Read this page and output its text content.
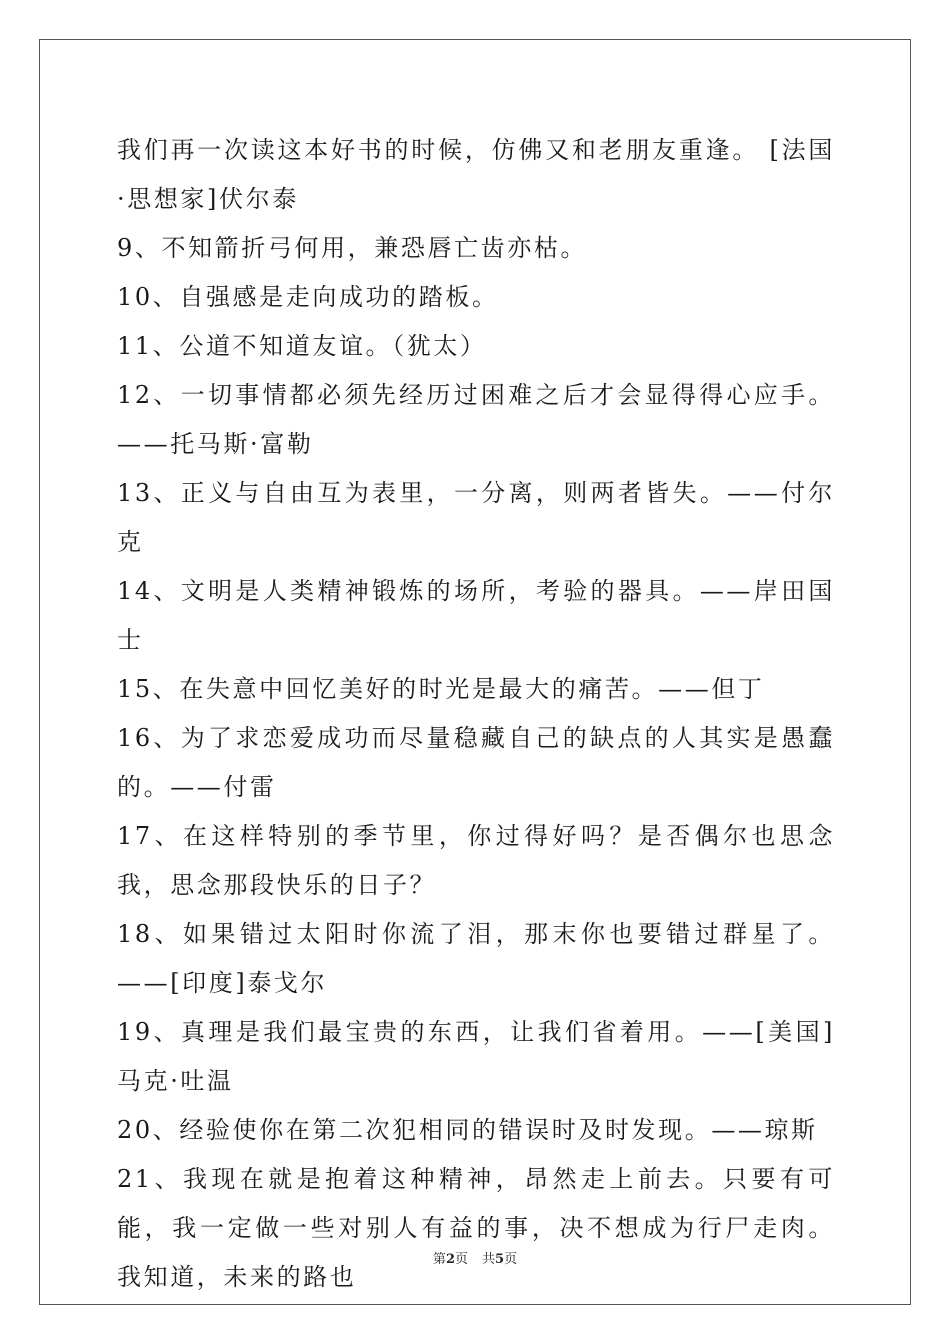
我们再一次读这本好书的时候，仿佛又和老朋友重逢。 [法国·思想家]伏尔泰

9、不知箭折弓何用，兼恐唇亡齿亦枯。

10、自强感是走向成功的踏板。

11、公道不知道友谊。（犹太）

12、一切事情都必须先经历过困难之后才会显得得心应手。——托马斯·富勒

13、正义与自由互为表里，一分离，则两者皆失。——付尔克

14、文明是人类精神锻炼的场所，考验的器具。——岸田国士

15、在失意中回忆美好的时光是最大的痛苦。——但丁

16、为了求恋爱成功而尽量稳藏自己的缺点的人其实是愚蠢的。——付雷

17、在这样特别的季节里，你过得好吗？是否偶尔也思念我，思念那段快乐的日子？

18、如果错过太阳时你流了泪，那末你也要错过群星了。——[印度]泰戈尔

19、真理是我们最宝贵的东西，让我们省着用。——[美国]马克·吐温

20、经验使你在第二次犯相同的错误时及时发现。——琼斯

21、我现在就是抱着这种精神，昂然走上前去。只要有可能，我一定做一些对别人有益的事，决不想成为行尸走肉。我知道，未来的路也

第2页 共5页
